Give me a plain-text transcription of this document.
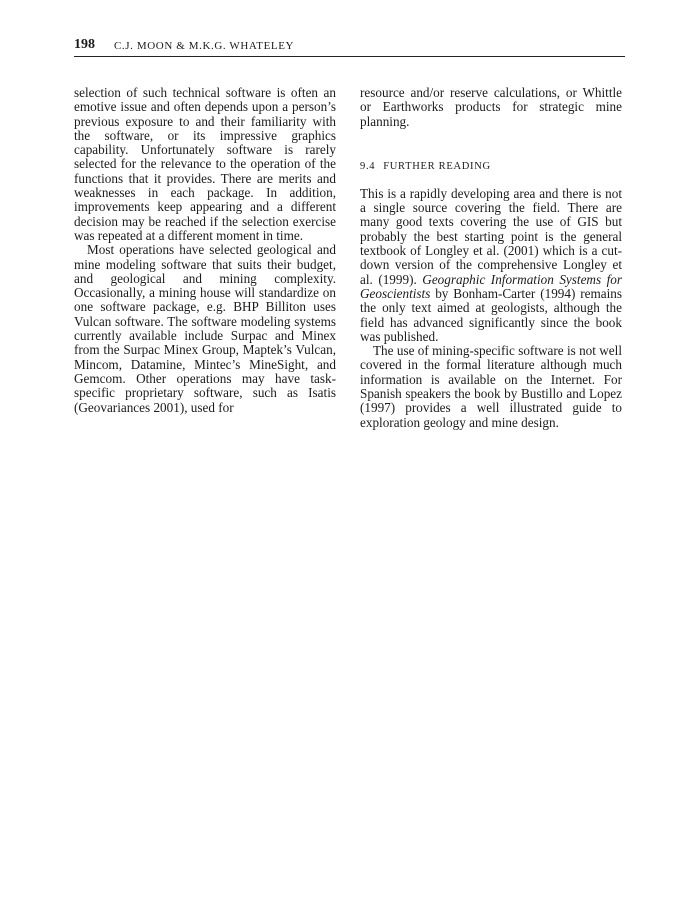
198 C.J. MOON & M.K.G. WHATELEY

selection of such technical software is often an emotive issue and often depends upon a person’s previous exposure to and their familiarity with the software, or its impressive graphics capability. Unfortunately software is rarely selected for the relevance to the operation of the functions that it provides. There are merits and weaknesses in each package. In addition, improvements keep appearing and a different decision may be reached if the selection exercise was repeated at a different moment in time.

Most operations have selected geological and mine modeling software that suits their budget, and geological and mining complexity. Occasionally, a mining house will standardize on one software package, e.g. BHP Billiton uses Vulcan software. The software modeling systems currently available include Surpac and Minex from the Surpac Minex Group, Maptek’s Vulcan, Mincom, Datamine, Mintec’s MineSight, and Gemcom. Other operations may have task-specific proprietary software, such as Isatis (Geovariances 2001), used for

resource and/or reserve calculations, or Whittle or Earthworks products for strategic mine planning.

9.4 FURTHER READING

This is a rapidly developing area and there is not a single source covering the field. There are many good texts covering the use of GIS but probably the best starting point is the general textbook of Longley et al. (2001) which is a cut-down version of the comprehensive Longley et al. (1999). Geographic Information Systems for Geoscientists by Bonham-Carter (1994) remains the only text aimed at geologists, although the field has advanced significantly since the book was published.

The use of mining-specific software is not well covered in the formal literature although much information is available on the Internet. For Spanish speakers the book by Bustillo and Lopez (1997) provides a well illustrated guide to exploration geology and mine design.
